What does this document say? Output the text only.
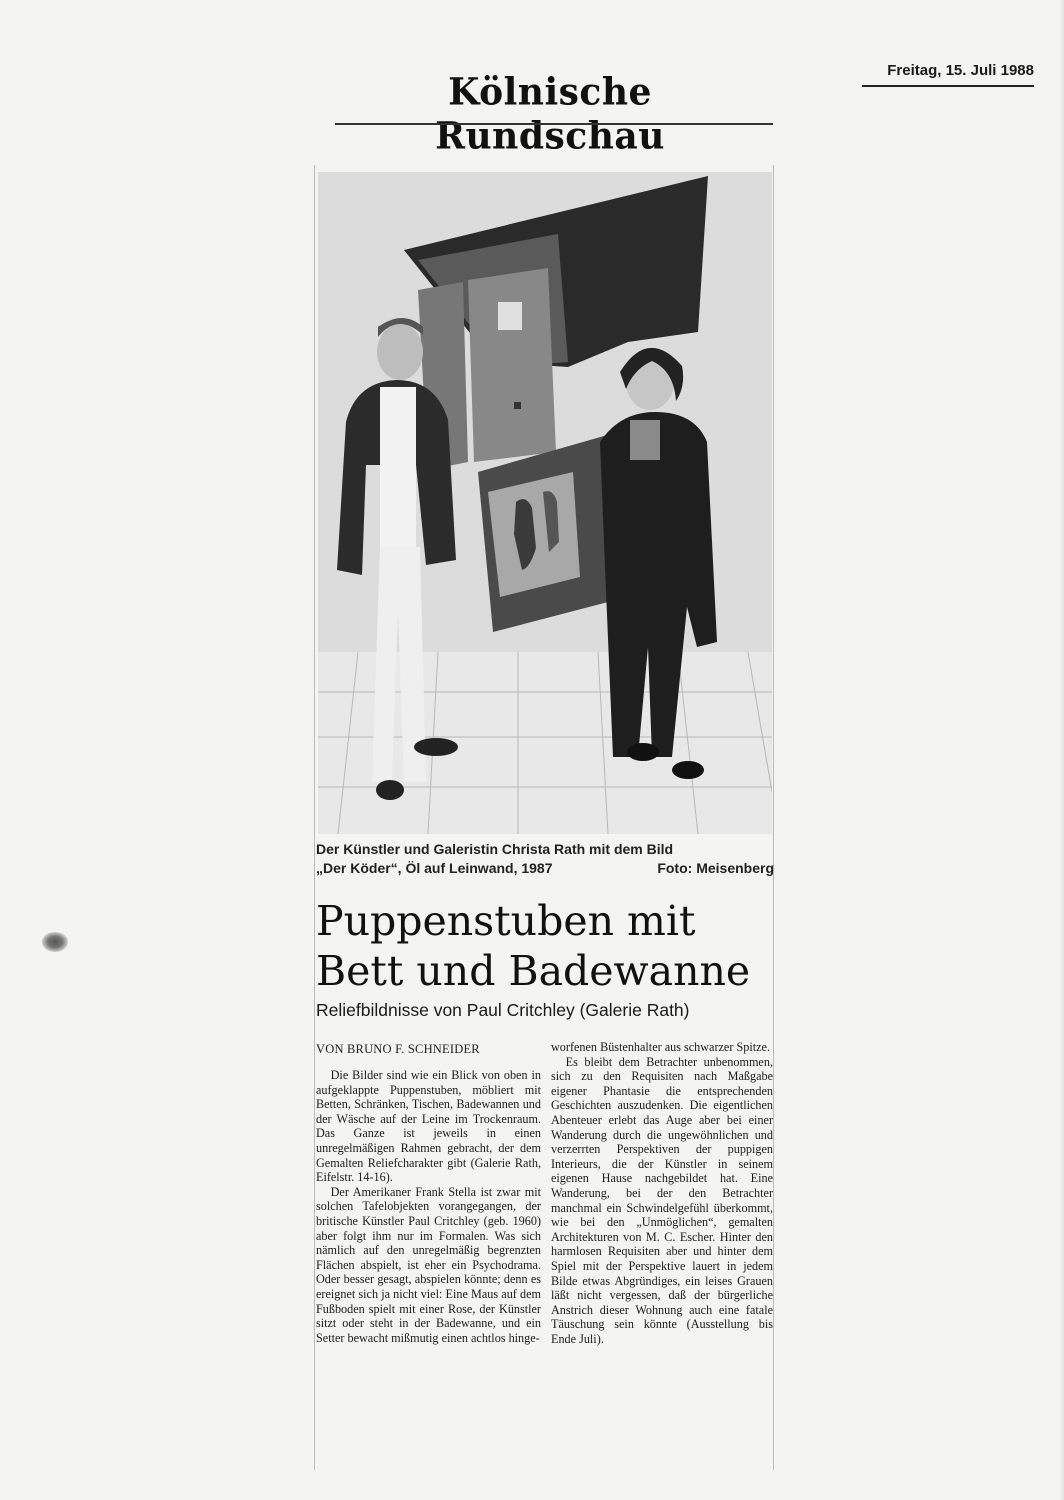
Freitag, 15. Juli 1988
Kölnische Rundschau
Der Künstler und Galeristin Christa Rath mit dem Bild
„Der Köder“, Öl auf Leinwand, 1987	Foto: Meisenberg
Puppenstuben mit
Bett und Badewanne
Reliefbildnisse von Paul Critchley (Galerie Rath)
VON BRUNO F. SCHNEIDER

Die Bilder sind wie ein Blick von oben in aufgeklappte Puppenstuben, möbliert mit Betten, Schränken, Tischen, Badewannen und der Wäsche auf der Leine im Trockenraum. Das Ganze ist jeweils in einen unregelmäßigen Rahmen gebracht, der dem Gemalten Reliefcharakter gibt (Galerie Rath, Eifelstr. 14-16).

Der Amerikaner Frank Stella ist zwar mit solchen Tafelobjekten vorangegangen, der britische Künstler Paul Critchley (geb. 1960) aber folgt ihm nur im Formalen. Was sich nämlich auf den unregelmäßig begrenzten Flächen abspielt, ist eher ein Psychodrama. Oder besser gesagt, abspielen könnte; denn es ereignet sich ja nicht viel: Eine Maus auf dem Fußboden spielt mit einer Rose, der Künstler sitzt oder steht in der Badewanne, und ein Setter bewacht mißmutig einen achtlos hinge-

worfenen Büstenhalter aus schwarzer Spitze.

Es bleibt dem Betrachter unbenommen, sich zu den Requisiten nach Maßgabe eigener Phantasie die entsprechenden Geschichten auszudenken. Die eigentlichen Abenteuer erlebt das Auge aber bei einer Wanderung durch die ungewöhnlichen und verzerrten Perspektiven der puppigen Interieurs, die der Künstler in seinem eigenen Hause nachgebildet hat. Eine Wanderung, bei der den Betrachter manchmal ein Schwindelgefühl überkommt, wie bei den „Unmöglichen“, gemalten Architekturen von M. C. Escher. Hinter den harmlosen Requisiten aber und hinter dem Spiel mit der Perspektive lauert in jedem Bilde etwas Abgründiges, ein leises Grauen läßt nicht vergessen, daß der bürgerliche Anstrich dieser Wohnung auch eine fatale Täuschung sein könnte (Ausstellung bis Ende Juli).
